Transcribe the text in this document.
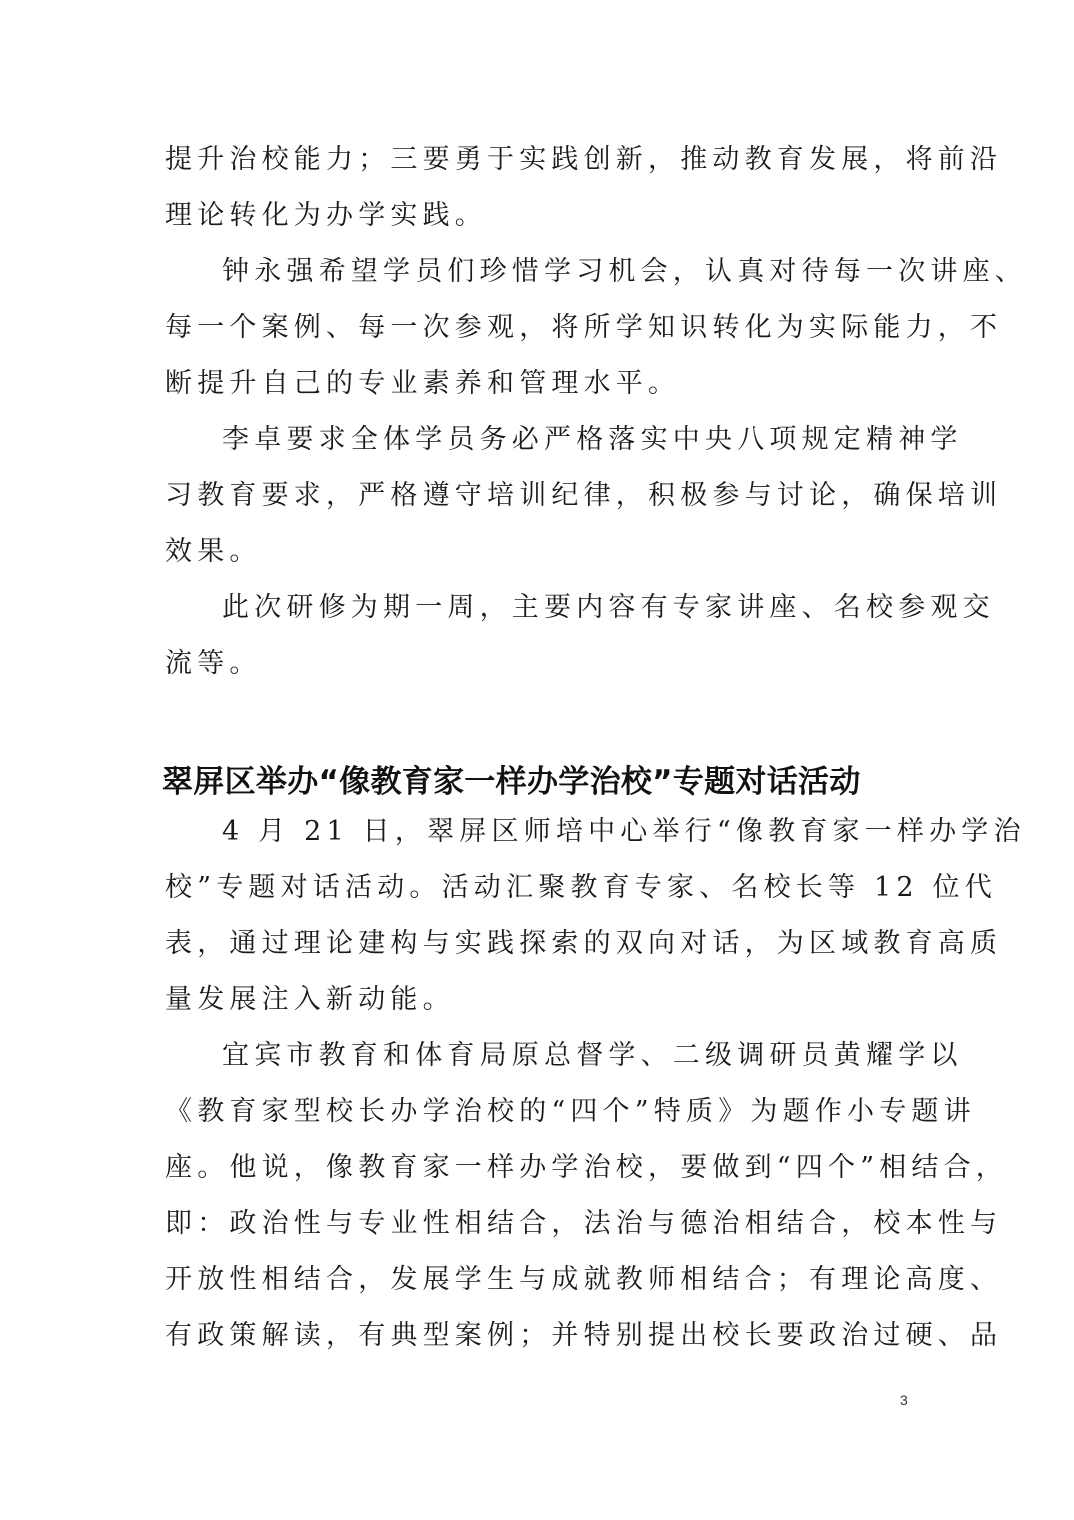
提升治校能力；三要勇于实践创新，推动教育发展，将前沿
理论转化为办学实践。
钟永强希望学员们珍惜学习机会，认真对待每一次讲座、
每一个案例、每一次参观，将所学知识转化为实际能力，不
断提升自己的专业素养和管理水平。
李卓要求全体学员务必严格落实中央八项规定精神学
习教育要求，严格遵守培训纪律，积极参与讨论，确保培训
效果。
此次研修为期一周，主要内容有专家讲座、名校参观交
流等。
翠屏区举办“像教育家一样办学治校”专题对话活动
4 月 21 日，翠屏区师培中心举行“像教育家一样办学治
校”专题对话活动。活动汇聚教育专家、名校长等 12 位代
表，通过理论建构与实践探索的双向对话，为区域教育高质
量发展注入新动能。
宜宾市教育和体育局原总督学、二级调研员黄耀学以
《教育家型校长办学治校的“四个”特质》为题作小专题讲
座。他说，像教育家一样办学治校，要做到“四个”相结合，
即：政治性与专业性相结合，法治与德治相结合，校本性与
开放性相结合，发展学生与成就教师相结合；有理论高度、
有政策解读，有典型案例；并特别提出校长要政治过硬、品
3
